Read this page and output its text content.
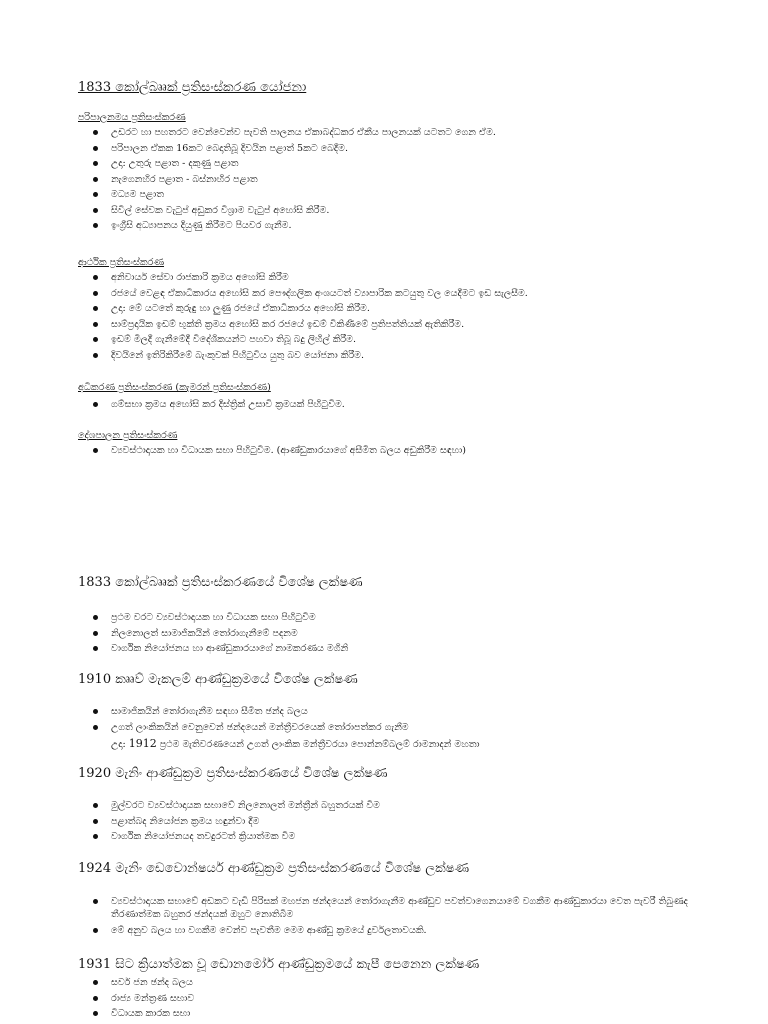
1833 කෝල්බෲක් ප්‍රතිසංස්කරණ යෝජනා
පරිපාලනමය ප්‍රතිසංස්කරණ
උඩරට හා පහතරට වෙන්වෙන්ව පැවති පාලනය ඒකාබද්ධකර ඒකීය පාලනයක් යටතට ගෙන ඒම.
පරිපාලන ඒකක 16කට බෙදාතිබූ දිවයින පළාත් 5කට බෙදීම.
උදා: උතුරු පළාත - දකුණු පළාත
නැගෙනහිර පළාත - බස්නාහිර පළාත
මධ්‍යම පළාත
සිවිල් සේවක වැටුප් අඩුකර විශ්‍රාම වැටුප් අහෝසි කිරීම.
ඉංග්‍රීසි අධ්‍යාපනය දියුණු කිරීමට පියවර ගැනීම.
ආර්ථික ප්‍රතිසංස්කරණ
අනිවාර්ය සේවා රාජකාරි ක්‍රමය අහෝසි කිරීම
රජයේ වෙළඳ ඒකාධිකාරය අහෝසි කර පෞද්ගලික අංශයටත් ව්‍යාපාරික කටයුතු වල යෙදීමට ඉඩ සැලසීම.
උදා: මේ යටතේ කුරුඳු හා ලුණු රජයේ ඒකාධිකාරය අහෝසි කිරීම.
සාම්ප්‍රදායික ඉඩම් භුක්ති ක්‍රමය අහෝසි කර රජයේ ඉඩම් විකිණීමේ ප්‍රතිපත්තියක් ඇතිකිරීම.
ඉඩම් මිලදී ගැනීමේදී විදේශිකයන්ට පහවා තිබූ බදු ලිහිල් කිරීම.
දිවයිනේ ඉතිරිකිරීමේ බැංකුවක් පිහිටුවිය යුතු බව යෝජනා කිරීම.
අධිකරණ ප්‍රතිසංස්කරණ (කැමරන් ප්‍රතිසංස්කරණ)
ගම්සභා ක්‍රමය අහෝසි කර දිස්ත්‍රික් උසාවි ක්‍රමයක් පිහිටුවීම.
දේශපාලන ප්‍රතිසංස්කරණ
ව්‍යවස්ථාදායක හා විධායක සභා පිහිටුවීම. (ආණ්ඩුකාරයාගේ අසීමිත බලය අඩුකිරීම සඳහා)
1833 කෝල්බෲක් ප්‍රතිසංස්කරණයේ විශේෂ ලක්ෂණ
ප්‍රථම වරට ව්‍යවස්ථාදායක හා විධායක සභා පිහිටුවීම
නිලනොලත් සාමාජිකයින් තෝරාගැනීමේ පදනම
වාර්ගික නියෝජනය හා ආණ්ඩුකාරයාගේ නාමකරණය මගිනි
1910 කෲව් මැකලම් ආණ්ඩුක්‍රමයේ විශේෂ ලක්ෂණ
සාමාජිකයින් තෝරාගැනීම සඳහා සීමිත ඡන්ද බලය
උගත් ලාංකිකයින් වෙනුවෙන් ඡන්දයෙන් මන්ත්‍රීවරයෙක් තෝරාපත්කර ගැනීම
උදා: 1912 ප්‍රථම මැතිවරණයෙන් උගත් ලාංකික මන්ත්‍රීවරයා පොන්නම්බලම් රාමනාදන් මහතා
1920 මැනිං ආණ්ඩුක්‍රම ප්‍රතිසංස්කරණයේ විශේෂ ලක්ෂණ
මුල්වරට ව්‍යවස්ථාදායක සභාවේ නිලනොලත් මන්ත්‍රීන් බහුතරයක් වීම
පළාත්බද නියෝජන ක්‍රමය හඳුන්වා දීම
වාර්ගික නියෝජනයද තවදුරටත් ක්‍රියාත්මක වීම
1924 මැනිං ඩෙවොන්ෂයර් ආණ්ඩුක්‍රම ප්‍රතිසංස්කරණයේ විශේෂ ලක්ෂණ
ව්‍යවස්ථාදායක සභාවේ අඩකට වැඩි පිරිසක් මහජන ඡන්දයෙන් තෝරාගැනීම ආණ්ඩුව පවත්වාගෙනයාමේ වගකීම ආණ්ඩුකාරයා වෙත පැවරී තිබුණද තීරණාත්මක බහුතර ඡන්දයක් ඔහුට නොතිබීම
මේ අනුව බලය හා වගකීම වෙන්ව පැවතීම මෙම ආණ්ඩු ක්‍රමයේ දුර්වලතාවයකි.
1931 සිට ක්‍රියාත්මක වූ ඩොනමෝර් ආණ්ඩුක්‍රමයේ කැපී පෙනෙන ලක්ෂණ
සර්ව ජන ඡන්ද බලය
රාජ්‍ය මන්ත්‍රණ සභාව
විධායක කාරක සභා
